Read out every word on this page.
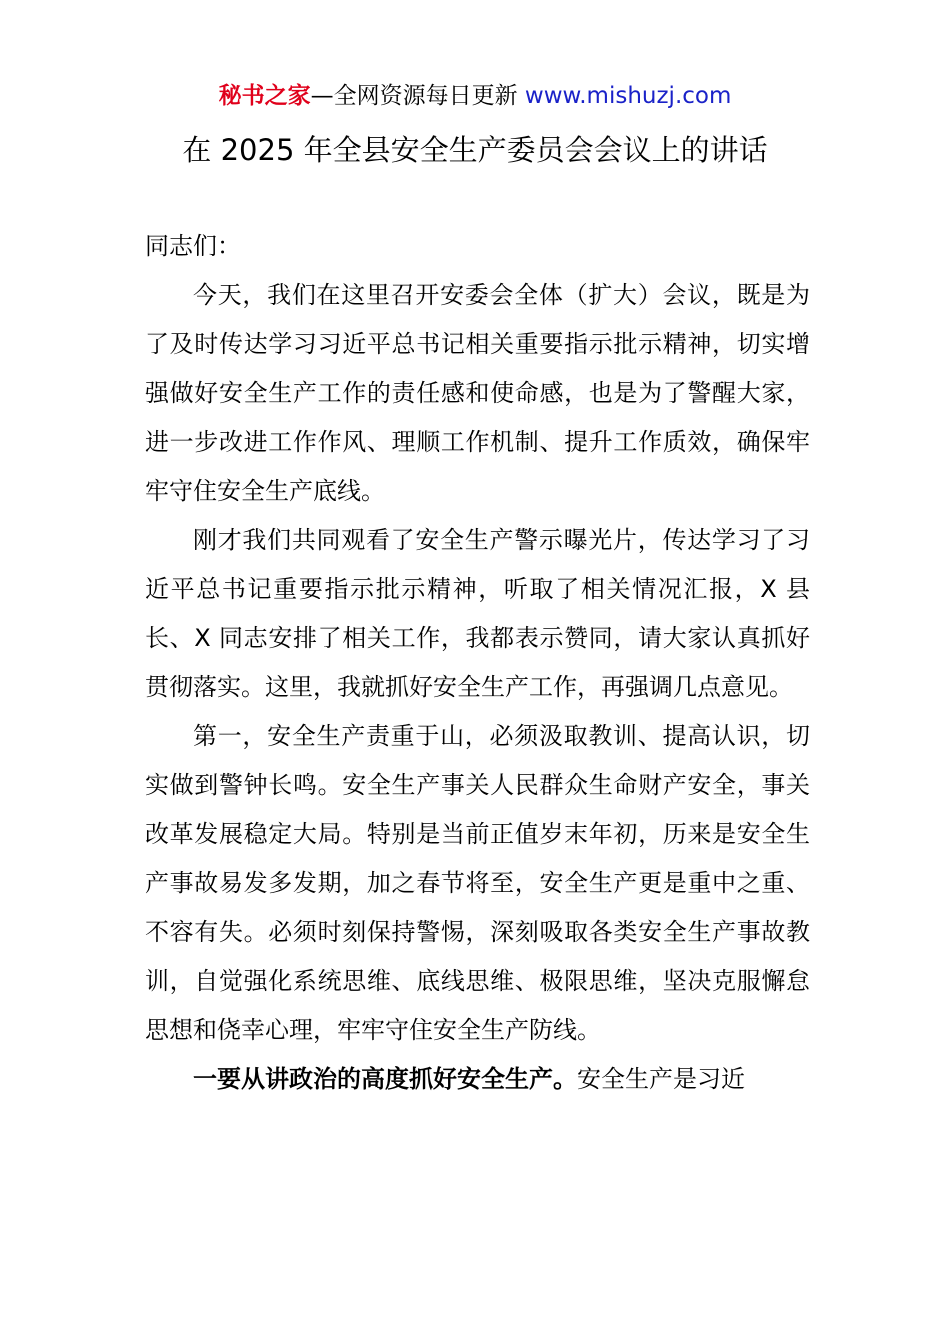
秘书之家—全网资源每日更新 www.mishuzj.com
在 2025 年全县安全生产委员会会议上的讲话

同志们：

今天，我们在这里召开安委会全体（扩大）会议，既是为了及时传达学习习近平总书记相关重要指示批示精神，切实增强做好安全生产工作的责任感和使命感，也是为了警醒大家，进一步改进工作作风、理顺工作机制、提升工作质效，确保牢牢守住安全生产底线。

刚才我们共同观看了安全生产警示曝光片，传达学习了习近平总书记重要指示批示精神，听取了相关情况汇报，X 县长、X 同志安排了相关工作，我都表示赞同，请大家认真抓好贯彻落实。这里，我就抓好安全生产工作，再强调几点意见。

第一，安全生产责重于山，必须汲取教训、提高认识，切实做到警钟长鸣。安全生产事关人民群众生命财产安全，事关改革发展稳定大局。特别是当前正值岁末年初，历来是安全生产事故易发多发期，加之春节将至，安全生产更是重中之重、不容有失。必须时刻保持警惕，深刻吸取各类安全生产事故教训，自觉强化系统思维、底线思维、极限思维，坚决克服懈怠思想和侥幸心理，牢牢守住安全生产防线。

一要从讲政治的高度抓好安全生产。安全生产是习近
